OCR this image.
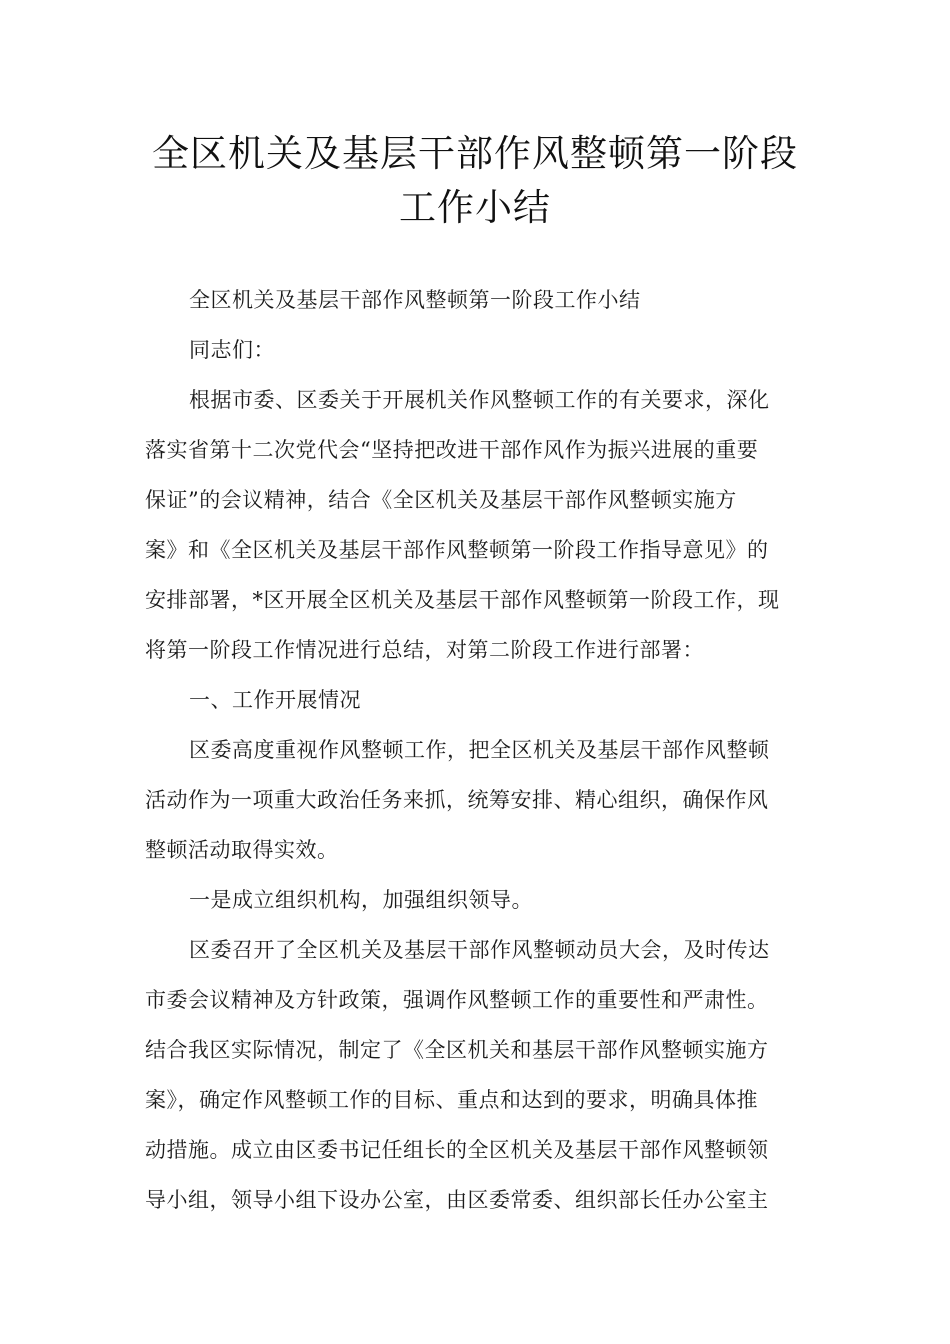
全区机关及基层干部作风整顿第一阶段
工作小结

全区机关及基层干部作风整顿第一阶段工作小结

同志们：

根据市委、区委关于开展机关作风整顿工作的有关要求，深化
落实省第十二次党代会“坚持把改进干部作风作为振兴进展的重要
保证”的会议精神，结合《全区机关及基层干部作风整顿实施方
案》和《全区机关及基层干部作风整顿第一阶段工作指导意见》的
安排部署，*区开展全区机关及基层干部作风整顿第一阶段工作，现
将第一阶段工作情况进行总结，对第二阶段工作进行部署：

一、工作开展情况

区委高度重视作风整顿工作，把全区机关及基层干部作风整顿
活动作为一项重大政治任务来抓，统筹安排、精心组织，确保作风
整顿活动取得实效。

一是成立组织机构，加强组织领导。

区委召开了全区机关及基层干部作风整顿动员大会，及时传达
市委会议精神及方针政策，强调作风整顿工作的重要性和严肃性。
结合我区实际情况，制定了《全区机关和基层干部作风整顿实施方
案》，确定作风整顿工作的目标、重点和达到的要求，明确具体推
动措施。成立由区委书记任组长的全区机关及基层干部作风整顿领
导小组，领导小组下设办公室，由区委常委、组织部长任办公室主
